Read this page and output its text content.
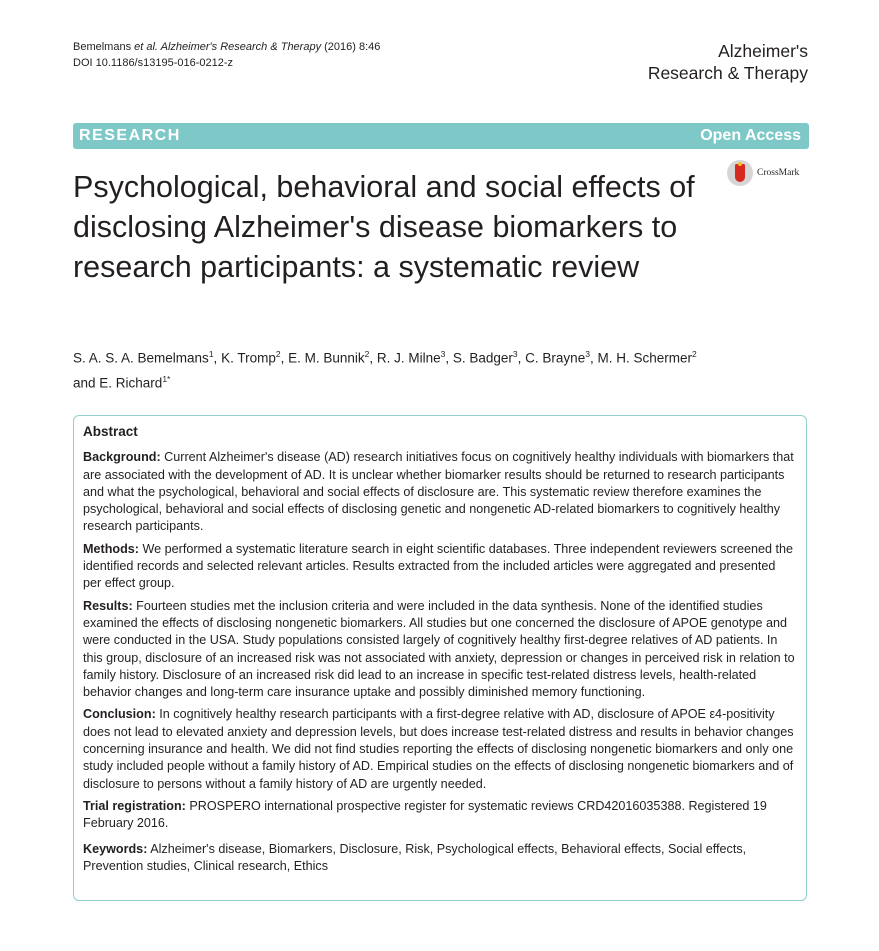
Bemelmans et al. Alzheimer's Research & Therapy (2016) 8:46
DOI 10.1186/s13195-016-0212-z
Alzheimer's
Research & Therapy
RESEARCH	Open Access
CrossMark
Psychological, behavioral and social effects of disclosing Alzheimer's disease biomarkers to research participants: a systematic review
S. A. S. A. Bemelmans$^1$, K. Tromp$^2$, E. M. Bunnik$^2$, R. J. Milne$^3$, S. Badger$^3$, C. Brayne$^3$, M. H. Schermer$^2$
and E. Richard$^{1*}$
Abstract

Background: Current Alzheimer's disease (AD) research initiatives focus on cognitively healthy individuals with biomarkers that are associated with the development of AD. It is unclear whether biomarker results should be returned to research participants and what the psychological, behavioral and social effects of disclosure are. This systematic review therefore examines the psychological, behavioral and social effects of disclosing genetic and nongenetic AD-related biomarkers to cognitively healthy research participants.

Methods: We performed a systematic literature search in eight scientific databases. Three independent reviewers screened the identified records and selected relevant articles. Results extracted from the included articles were aggregated and presented per effect group.

Results: Fourteen studies met the inclusion criteria and were included in the data synthesis. None of the identified studies examined the effects of disclosing nongenetic biomarkers. All studies but one concerned the disclosure of APOE genotype and were conducted in the USA. Study populations consisted largely of cognitively healthy first-degree relatives of AD patients. In this group, disclosure of an increased risk was not associated with anxiety, depression or changes in perceived risk in relation to family history. Disclosure of an increased risk did lead to an increase in specific test-related distress levels, health-related behavior changes and long-term care insurance uptake and possibly diminished memory functioning.

Conclusion: In cognitively healthy research participants with a first-degree relative with AD, disclosure of APOE ε4-positivity does not lead to elevated anxiety and depression levels, but does increase test-related distress and results in behavior changes concerning insurance and health. We did not find studies reporting the effects of disclosing nongenetic biomarkers and only one study included people without a family history of AD. Empirical studies on the effects of disclosing nongenetic biomarkers and of disclosure to persons without a family history of AD are urgently needed.

Trial registration: PROSPERO international prospective register for systematic reviews CRD42016035388. Registered 19 February 2016.

Keywords: Alzheimer's disease, Biomarkers, Disclosure, Risk, Psychological effects, Behavioral effects, Social effects, Prevention studies, Clinical research, Ethics
